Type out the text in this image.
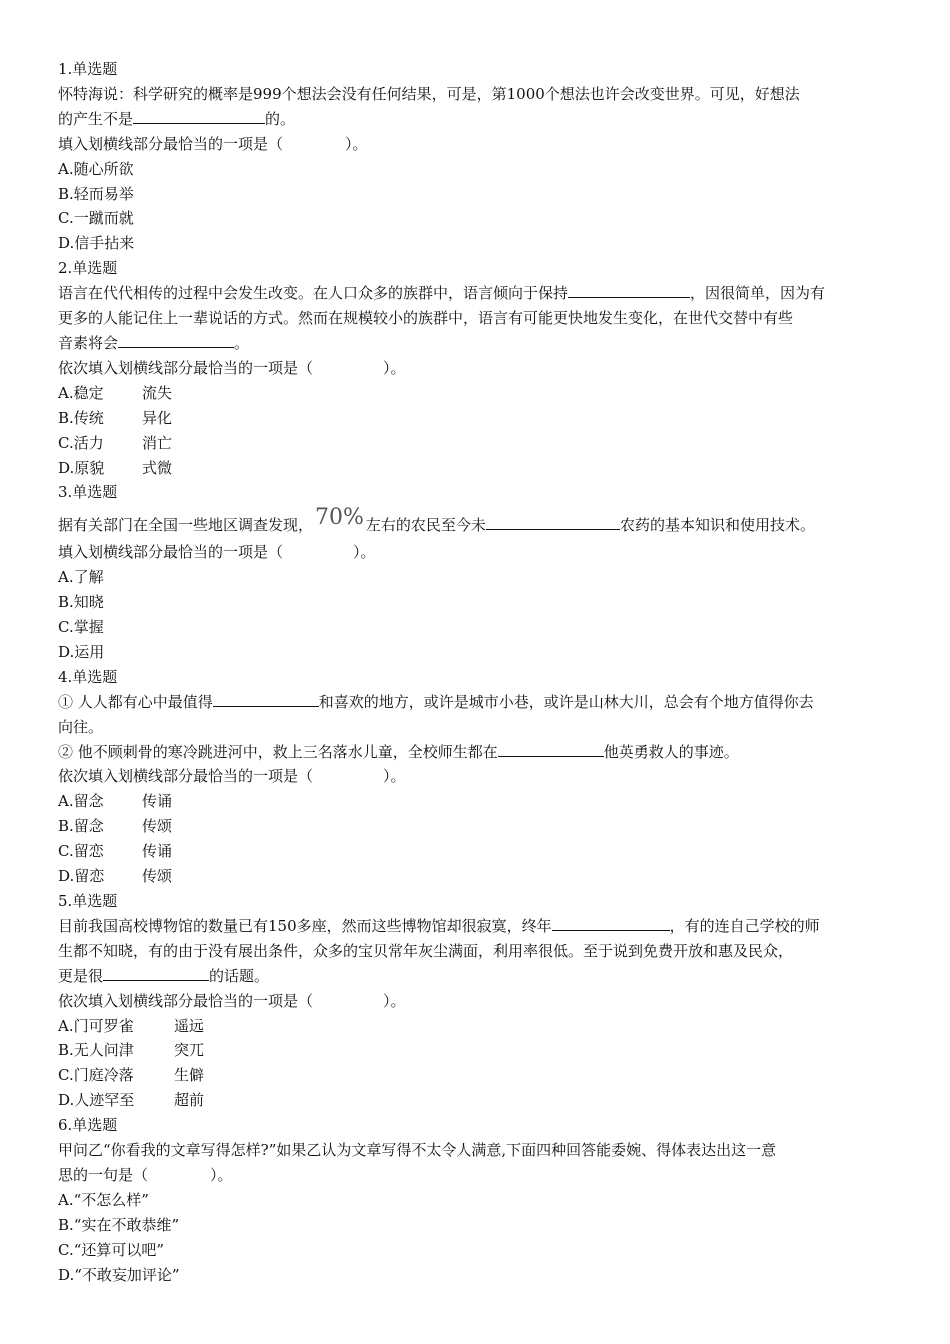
1.单选题
怀特海说：科学研究的概率是999个想法会没有任何结果，可是，第1000个想法也许会改变世界。可见，好想法
的产生不是	的。
填入划横线部分最恰当的一项是（	）。
A.随心所欲
B.轻而易举
C.一蹴而就
D.信手拈来
2.单选题
语言在代代相传的过程中会发生改变。在人口众多的族群中，语言倾向于保持	，因很简单，因为有
更多的人能记住上一辈说话的方式。然而在规模较小的族群中，语言有可能更快地发生变化，在世代交替中有些
音素将会	。
依次填入划横线部分最恰当的一项是（	）。
A.稳定	流失
B.传统	异化
C.活力	消亡
D.原貌	式微
3.单选题
据有关部门在全国一些地区调查发现，70% 左右的农民至今未	农药的基本知识和使用技术。
填入划横线部分最恰当的一项是（	）。
A.了解
B.知晓
C.掌握
D.运用
4.单选题
① 人人都有心中最值得	和喜欢的地方，或许是城市小巷，或许是山林大川，总会有个地方值得你去
向往。
② 他不顾刺骨的寒冷跳进河中，救上三名落水儿童，全校师生都在	他英勇救人的事迹。
依次填入划横线部分最恰当的一项是（	）。
A.留念	传诵
B.留念	传颂
C.留恋	传诵
D.留恋	传颂
5.单选题
目前我国高校博物馆的数量已有150多座，然而这些博物馆却很寂寞，终年	，有的连自己学校的师
生都不知晓，有的由于没有展出条件，众多的宝贝常年灰尘满面，利用率很低。至于说到免费开放和惠及民众，
更是很	的话题。
依次填入划横线部分最恰当的一项是（	）。
A.门可罗雀	遥远
B.无人问津	突兀
C.门庭冷落	生僻
D.人迹罕至	超前
6.单选题
甲问乙“你看我的文章写得怎样?”如果乙认为文章写得不太令人满意,下面四种回答能委婉、得体表达出这一意
思的一句是（	）。
A.“不怎么样”
B.“实在不敢恭维”
C.“还算可以吧”
D.“不敢妄加评论”
